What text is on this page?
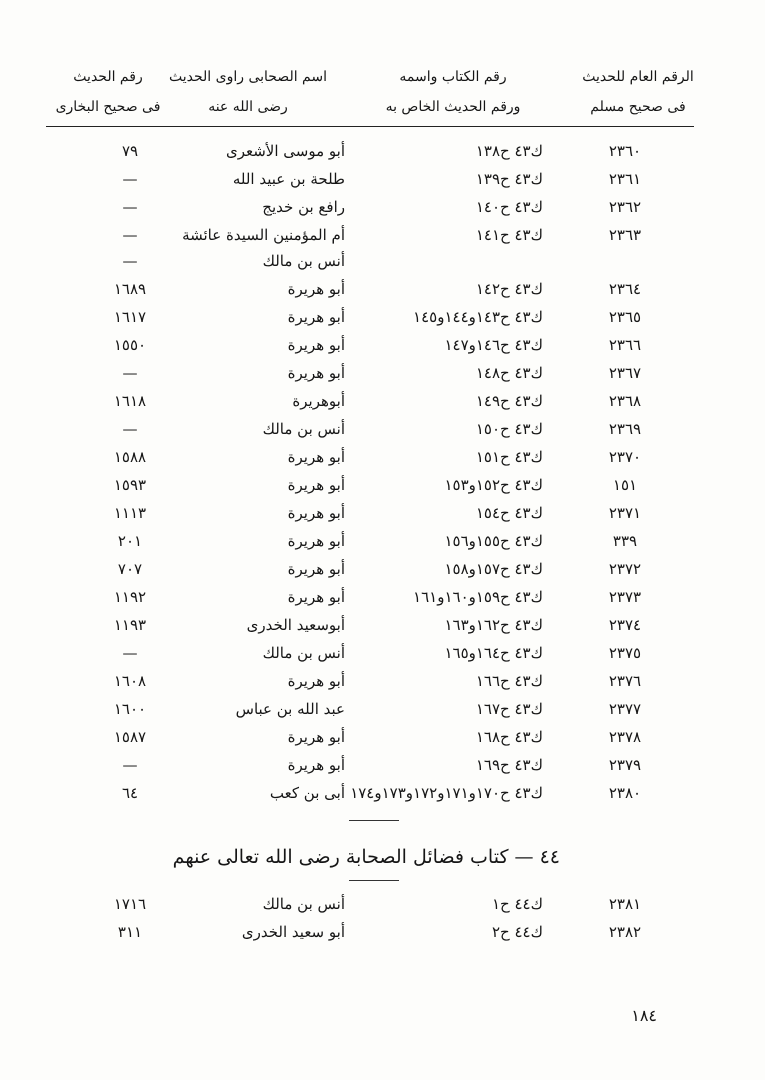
الرقم العام للحديث
فى صحيح مسلم
رقم الكتاب واسمه
ورقم الحديث الخاص به
اسم الصحابى راوى الحديث
رضى الله عنه
رقم الحديث
فى صحيح البخارى
٢٣٦٠
ك٤٣ ح١٣٨
أبو موسى الأشعرى
٧٩
٢٣٦١
ك٤٣ ح١٣٩
طلحة بن عبيد الله
—
٢٣٦٢
ك٤٣ ح١٤٠
رافع بن خديج
—
٢٣٦٣
ك٤٣ ح١٤١
أم المؤمنين السيدة عائشة
—
أنس بن مالك
—
٢٣٦٤
ك٤٣ ح١٤٢
أبو هريرة
١٦٨٩
٢٣٦٥
ك٤٣ ح١٤٣و١٤٤و١٤٥
أبو هريرة
١٦١٧
٢٣٦٦
ك٤٣ ح١٤٦و١٤٧
أبو هريرة
١٥٥٠
٢٣٦٧
ك٤٣ ح١٤٨
أبو هريرة
—
٢٣٦٨
ك٤٣ ح١٤٩
أبوهريرة
١٦١٨
٢٣٦٩
ك٤٣ ح١٥٠
أنس بن مالك
—
٢٣٧٠
ك٤٣ ح١٥١
أبو هريرة
١٥٨٨
١٥١
ك٤٣ ح١٥٢و١٥٣
أبو هريرة
١٥٩٣
٢٣٧١
ك٤٣ ح١٥٤
أبو هريرة
١١١٣
٣٣٩
ك٤٣ ح١٥٥و١٥٦
أبو هريرة
٢٠١
٢٣٧٢
ك٤٣ ح١٥٧و١٥٨
أبو هريرة
٧٠٧
٢٣٧٣
ك٤٣ ح١٥٩و١٦٠و١٦١
أبو هريرة
١١٩٢
٢٣٧٤
ك٤٣ ح١٦٢و١٦٣
أبوسعيد الخدرى
١١٩٣
٢٣٧٥
ك٤٣ ح١٦٤و١٦٥
أنس بن مالك
—
٢٣٧٦
ك٤٣ ح١٦٦
أبو هريرة
١٦٠٨
٢٣٧٧
ك٤٣ ح١٦٧
عبد الله بن عباس
١٦٠٠
٢٣٧٨
ك٤٣ ح١٦٨
أبو هريرة
١٥٨٧
٢٣٧٩
ك٤٣ ح١٦٩
أبو هريرة
—
٢٣٨٠
ك٤٣ ح١٧٠و١٧١و١٧٢و١٧٣و١٧٤
أبى بن كعب
٦٤
٤٤ — كتاب فضائل الصحابة رضى الله تعالى عنهم
٢٣٨١
ك٤٤ ح١
أنس بن مالك
١٧١٦
٢٣٨٢
ك٤٤ ح٢
أبو سعيد الخدرى
٣١١
١٨٤
